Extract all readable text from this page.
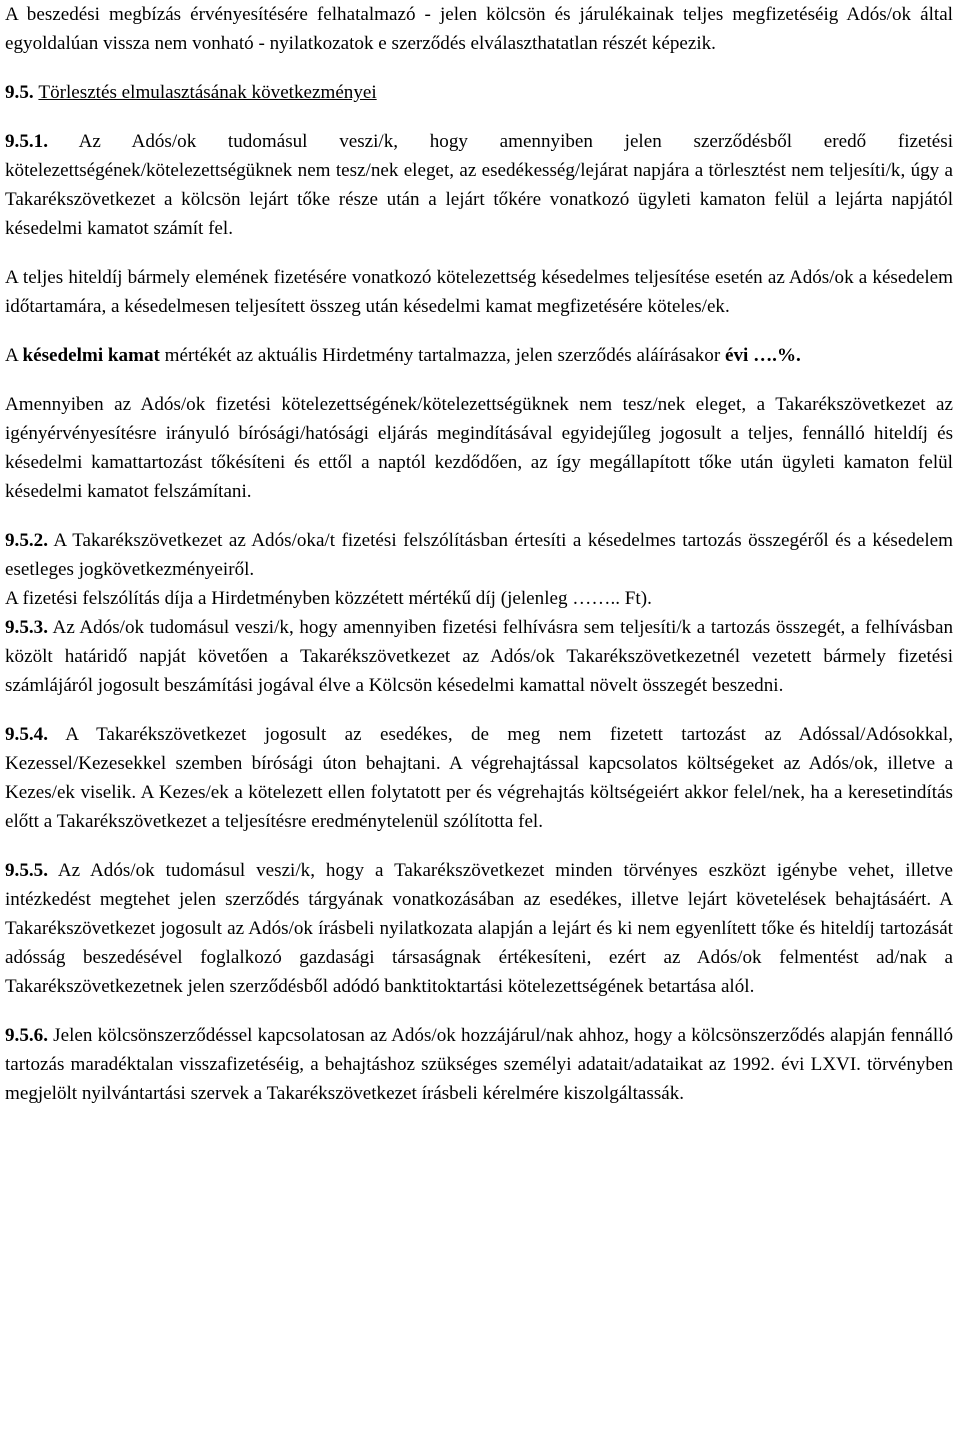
A beszedési megbízás érvényesítésére felhatalmazó - jelen kölcsön és járulékainak teljes megfizetéséig Adós/ok által egyoldalúan vissza nem vonható - nyilatkozatok e szerződés elválaszthatatlan részét képezik.

9.5. Törlesztés elmulasztásának következményei

9.5.1. Az Adós/ok tudomásul veszi/k, hogy amennyiben jelen szerződésből eredő fizetési kötelezettségének/kötelezettségüknek nem tesz/nek eleget, az esedékesség/lejárat napjára a törlesztést nem teljesíti/k, úgy a Takarékszövetkezet a kölcsön lejárt tőke része után a lejárt tőkére vonatkozó ügyleti kamaton felül a lejárta napjától késedelmi kamatot számít fel.

A teljes hiteldíj bármely elemének fizetésére vonatkozó kötelezettség késedelmes teljesítése esetén az Adós/ok a késedelem időtartamára, a késedelmesen teljesített összeg után késedelmi kamat megfizetésére köteles/ek.

A késedelmi kamat mértékét az aktuális Hirdetmény tartalmazza, jelen szerződés aláírásakor évi ….%.

Amennyiben az Adós/ok fizetési kötelezettségének/kötelezettségüknek nem tesz/nek eleget, a Takarékszövetkezet az igényérvényesítésre irányuló bírósági/hatósági eljárás megindításával egyidejűleg jogosult a teljes, fennálló hiteldíj és késedelmi kamattartozást tőkésíteni és ettől a naptól kezdődően, az így megállapított tőke után ügyleti kamaton felül késedelmi kamatot felszámítani.

9.5.2. A Takarékszövetkezet az Adós/oka/t fizetési felszólításban értesíti a késedelmes tartozás összegéről és a késedelem esetleges jogkövetkezményeiről.

A fizetési felszólítás díja a Hirdetményben közzétett mértékű díj (jelenleg …….. Ft).

9.5.3. Az Adós/ok tudomásul veszi/k, hogy amennyiben fizetési felhívásra sem teljesíti/k a tartozás összegét, a felhívásban közölt határidő napját követően a Takarékszövetkezet az Adós/ok Takarékszövetkezetnél vezetett bármely fizetési számlájáról jogosult beszámítási jogával élve a Kölcsön késedelmi kamattal növelt összegét beszedni.

9.5.4. A Takarékszövetkezet jogosult az esedékes, de meg nem fizetett tartozást az Adóssal/Adósokkal, Kezessel/Kezesekkel szemben bírósági úton behajtani. A végrehajtással kapcsolatos költségeket az Adós/ok, illetve a Kezes/ek viselik. A Kezes/ek a kötelezett ellen folytatott per és végrehajtás költségeiért akkor felel/nek, ha a keresetindítás előtt a Takarékszövetkezet a teljesítésre eredménytelenül szólította fel.

9.5.5. Az Adós/ok tudomásul veszi/k, hogy a Takarékszövetkezet minden törvényes eszközt igénybe vehet, illetve intézkedést megtehet jelen szerződés tárgyának vonatkozásában az esedékes, illetve lejárt követelések behajtásáért. A Takarékszövetkezet jogosult az Adós/ok írásbeli nyilatkozata alapján a lejárt és ki nem egyenlített tőke és hiteldíj tartozását adósság beszedésével foglalkozó gazdasági társaságnak értékesíteni, ezért az Adós/ok felmentést ad/nak a Takarékszövetkezetnek jelen szerződésből adódó banktitoktartási kötelezettségének betartása alól.

9.5.6. Jelen kölcsönszerződéssel kapcsolatosan az Adós/ok hozzájárul/nak ahhoz, hogy a kölcsönszerződés alapján fennálló tartozás maradéktalan visszafizetéséig, a behajtáshoz szükséges személyi adatait/adataikat az 1992. évi LXVI. törvényben megjelölt nyilvántartási szervek a Takarékszövetkezet írásbeli kérelmére kiszolgáltassák.
